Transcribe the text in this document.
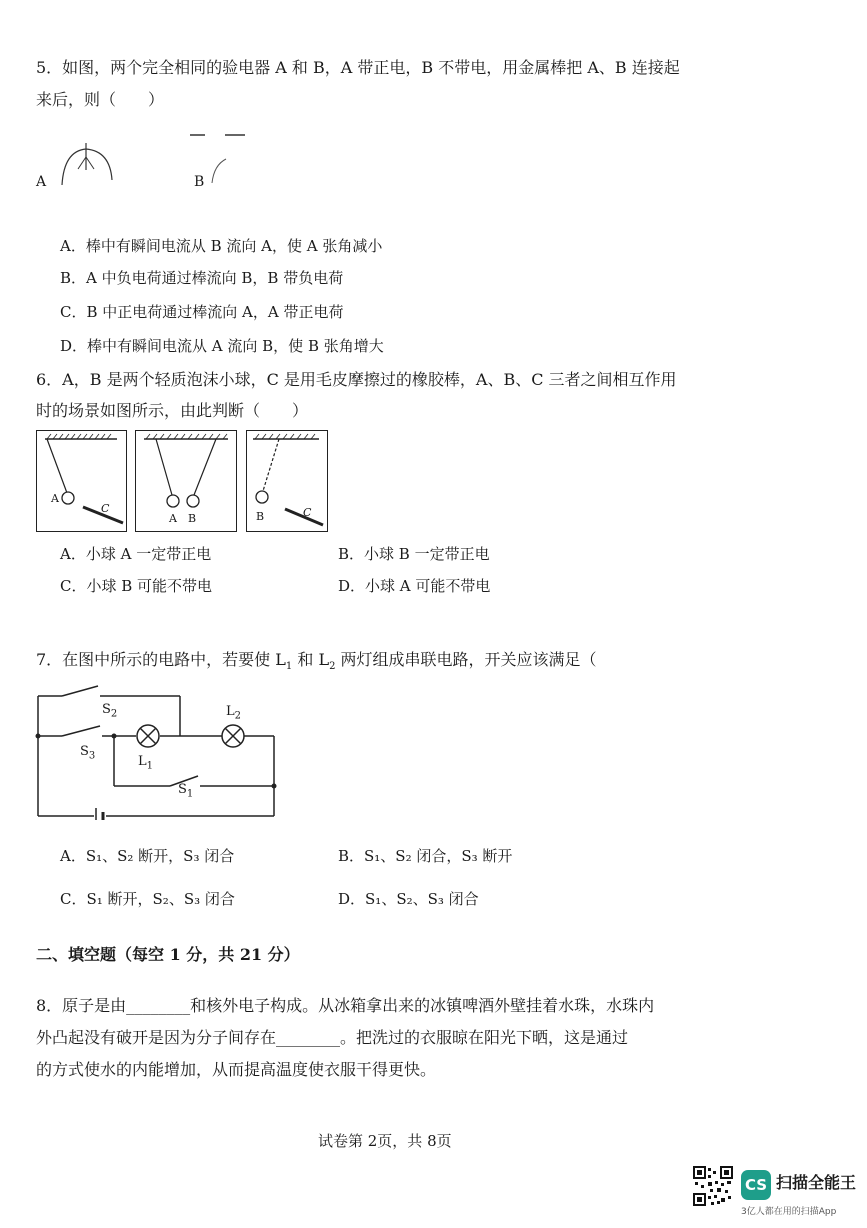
5．如图，两个完全相同的验电器 A 和 B，A 带正电，B 不带电，用金属棒把 A、B 连接起
来后，则（　　）
A	B
A．棒中有瞬间电流从 B 流向 A，使 A 张角减小
B．A 中负电荷通过棒流向 B，B 带负电荷
C．B 中正电荷通过棒流向 A，A 带正电荷
D．棒中有瞬间电流从 A 流向 B，使 B 张角增大
6．A，B 是两个轻质泡沫小球，C 是用毛皮摩擦过的橡胶棒，A、B、C 三者之间相互作用
时的场景如图所示，由此判断（　　）
A
C
A B	B	C
A．小球 A 一定带正电	B．小球 B 一定带正电
C．小球 B 可能不带电	D．小球 A 可能不带电
7．在图中所示的电路中，若要使 $L_1$ 和 $L_2$ 两灯组成串联电路，开关应该满足（
$S_2$
$S_3$	$L_1$
$L_2$
$S_1$
A．S₁、S₂ 断开，S₃ 闭合	B．S₁、S₂ 闭合，S₃ 断开
C．S₁ 断开，S₂、S₃ 闭合	D．S₁、S₂、S₃ 闭合
二、填空题（每空 1 分，共 21 分）
8．原子是由________和核外电子构成。从冰箱拿出来的冰镇啤酒外壁挂着水珠，水珠内
外凸起没有破开是因为分子间存在________。把洗过的衣服晾在阳光下晒，这是通过
的方式使水的内能增加，从而提高温度使衣服干得更快。
试卷第 2页，共 8页
CS 扫描全能王
3亿人都在用的扫描App
